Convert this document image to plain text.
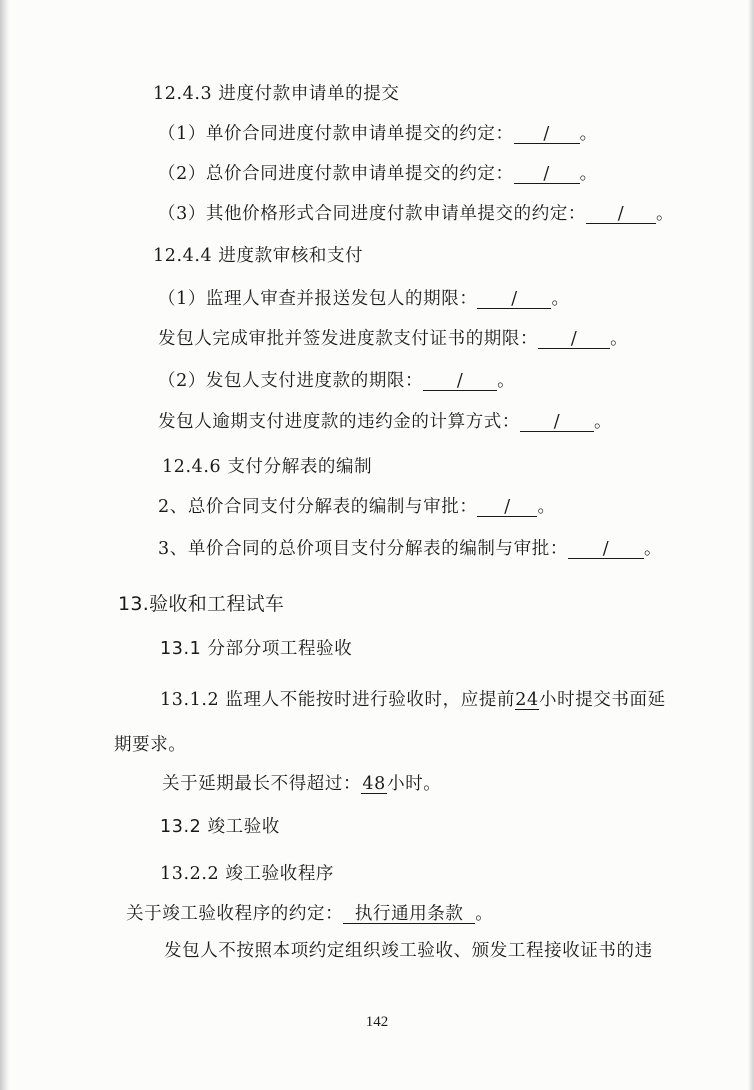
12.4.3 进度付款申请单的提交
（1）单价合同进度付款申请单提交的约定： / 。
（2）总价合同进度付款申请单提交的约定： / 。
（3）其他价格形式合同进度付款申请单提交的约定： / 。
12.4.4 进度款审核和支付
（1）监理人审查并报送发包人的期限： / 。
发包人完成审批并签发进度款支付证书的期限： / 。
（2）发包人支付进度款的期限： / 。
发包人逾期支付进度款的违约金的计算方式： / 。
12.4.6 支付分解表的编制
2、总价合同支付分解表的编制与审批： / 。
3、单价合同的总价项目支付分解表的编制与审批： / 。
13.验收和工程试车
13.1 分部分项工程验收
13.1.2 监理人不能按时进行验收时，应提前24小时提交书面延
期要求。
关于延期最长不得超过：48小时。
13.2 竣工验收
13.2.2 竣工验收程序
关于竣工验收程序的约定： 执行通用条款 。
发包人不按照本项约定组织竣工验收、颁发工程接收证书的违
142
